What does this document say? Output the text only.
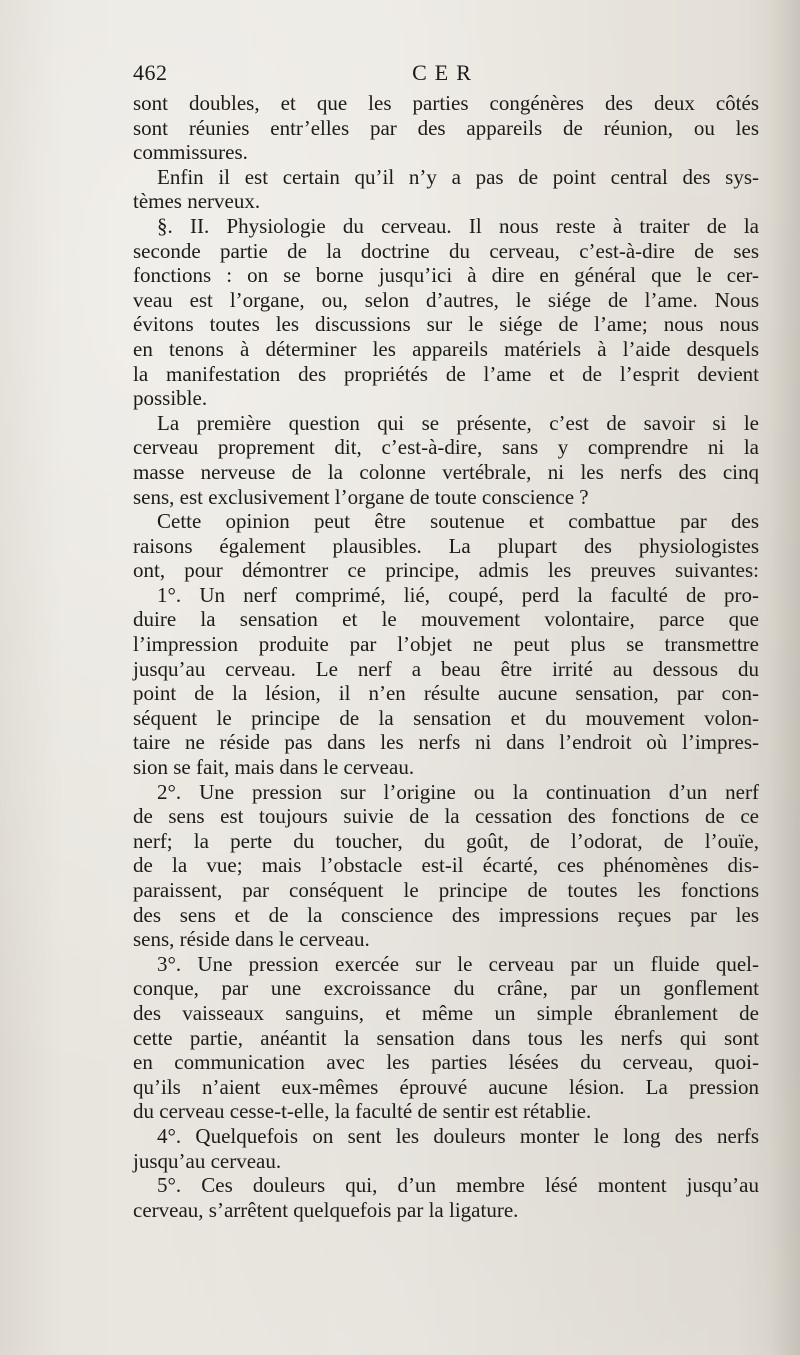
462	CER
sont doubles, et que les parties congénères des deux côtés
sont réunies entr’elles par des appareils de réunion, ou les
commissures.
Enfin il est certain qu’il n’y a pas de point central des sys-
tèmes nerveux.
§. II. Physiologie du cerveau. Il nous reste à traiter de la
seconde partie de la doctrine du cerveau, c’est-à-dire de ses
fonctions : on se borne jusqu’ici à dire en général que le cer-
veau est l’organe, ou, selon d’autres, le siége de l’ame. Nous
évitons toutes les discussions sur le siége de l’ame; nous nous
en tenons à déterminer les appareils matériels à l’aide desquels
la manifestation des propriétés de l’ame et de l’esprit devient
possible.
La première question qui se présente, c’est de savoir si le
cerveau proprement dit, c’est-à-dire, sans y comprendre ni la
masse nerveuse de la colonne vertébrale, ni les nerfs des cinq
sens, est exclusivement l’organe de toute conscience ?
Cette opinion peut être soutenue et combattue par des
raisons également plausibles. La plupart des physiologistes
ont, pour démontrer ce principe, admis les preuves suivantes:
1°. Un nerf comprimé, lié, coupé, perd la faculté de pro-
duire la sensation et le mouvement volontaire, parce que
l’impression produite par l’objet ne peut plus se transmettre
jusqu’au cerveau. Le nerf a beau être irrité au dessous du
point de la lésion, il n’en résulte aucune sensation, par con-
séquent le principe de la sensation et du mouvement volon-
taire ne réside pas dans les nerfs ni dans l’endroit où l’impres-
sion se fait, mais dans le cerveau.
2°. Une pression sur l’origine ou la continuation d’un nerf
de sens est toujours suivie de la cessation des fonctions de ce
nerf; la perte du toucher, du goût, de l’odorat, de l’ouïe,
de la vue; mais l’obstacle est-il écarté, ces phénomènes dis-
paraissent, par conséquent le principe de toutes les fonctions
des sens et de la conscience des impressions reçues par les
sens, réside dans le cerveau.
3°. Une pression exercée sur le cerveau par un fluide quel-
conque, par une excroissance du crâne, par un gonflement
des vaisseaux sanguins, et même un simple ébranlement de
cette partie, anéantit la sensation dans tous les nerfs qui sont
en communication avec les parties lésées du cerveau, quoi-
qu’ils n’aient eux-mêmes éprouvé aucune lésion. La pression
du cerveau cesse-t-elle, la faculté de sentir est rétablie.
4°. Quelquefois on sent les douleurs monter le long des nerfs
jusqu’au cerveau.
5°. Ces douleurs qui, d’un membre lésé montent jusqu’au
cerveau, s’arrêtent quelquefois par la ligature.
